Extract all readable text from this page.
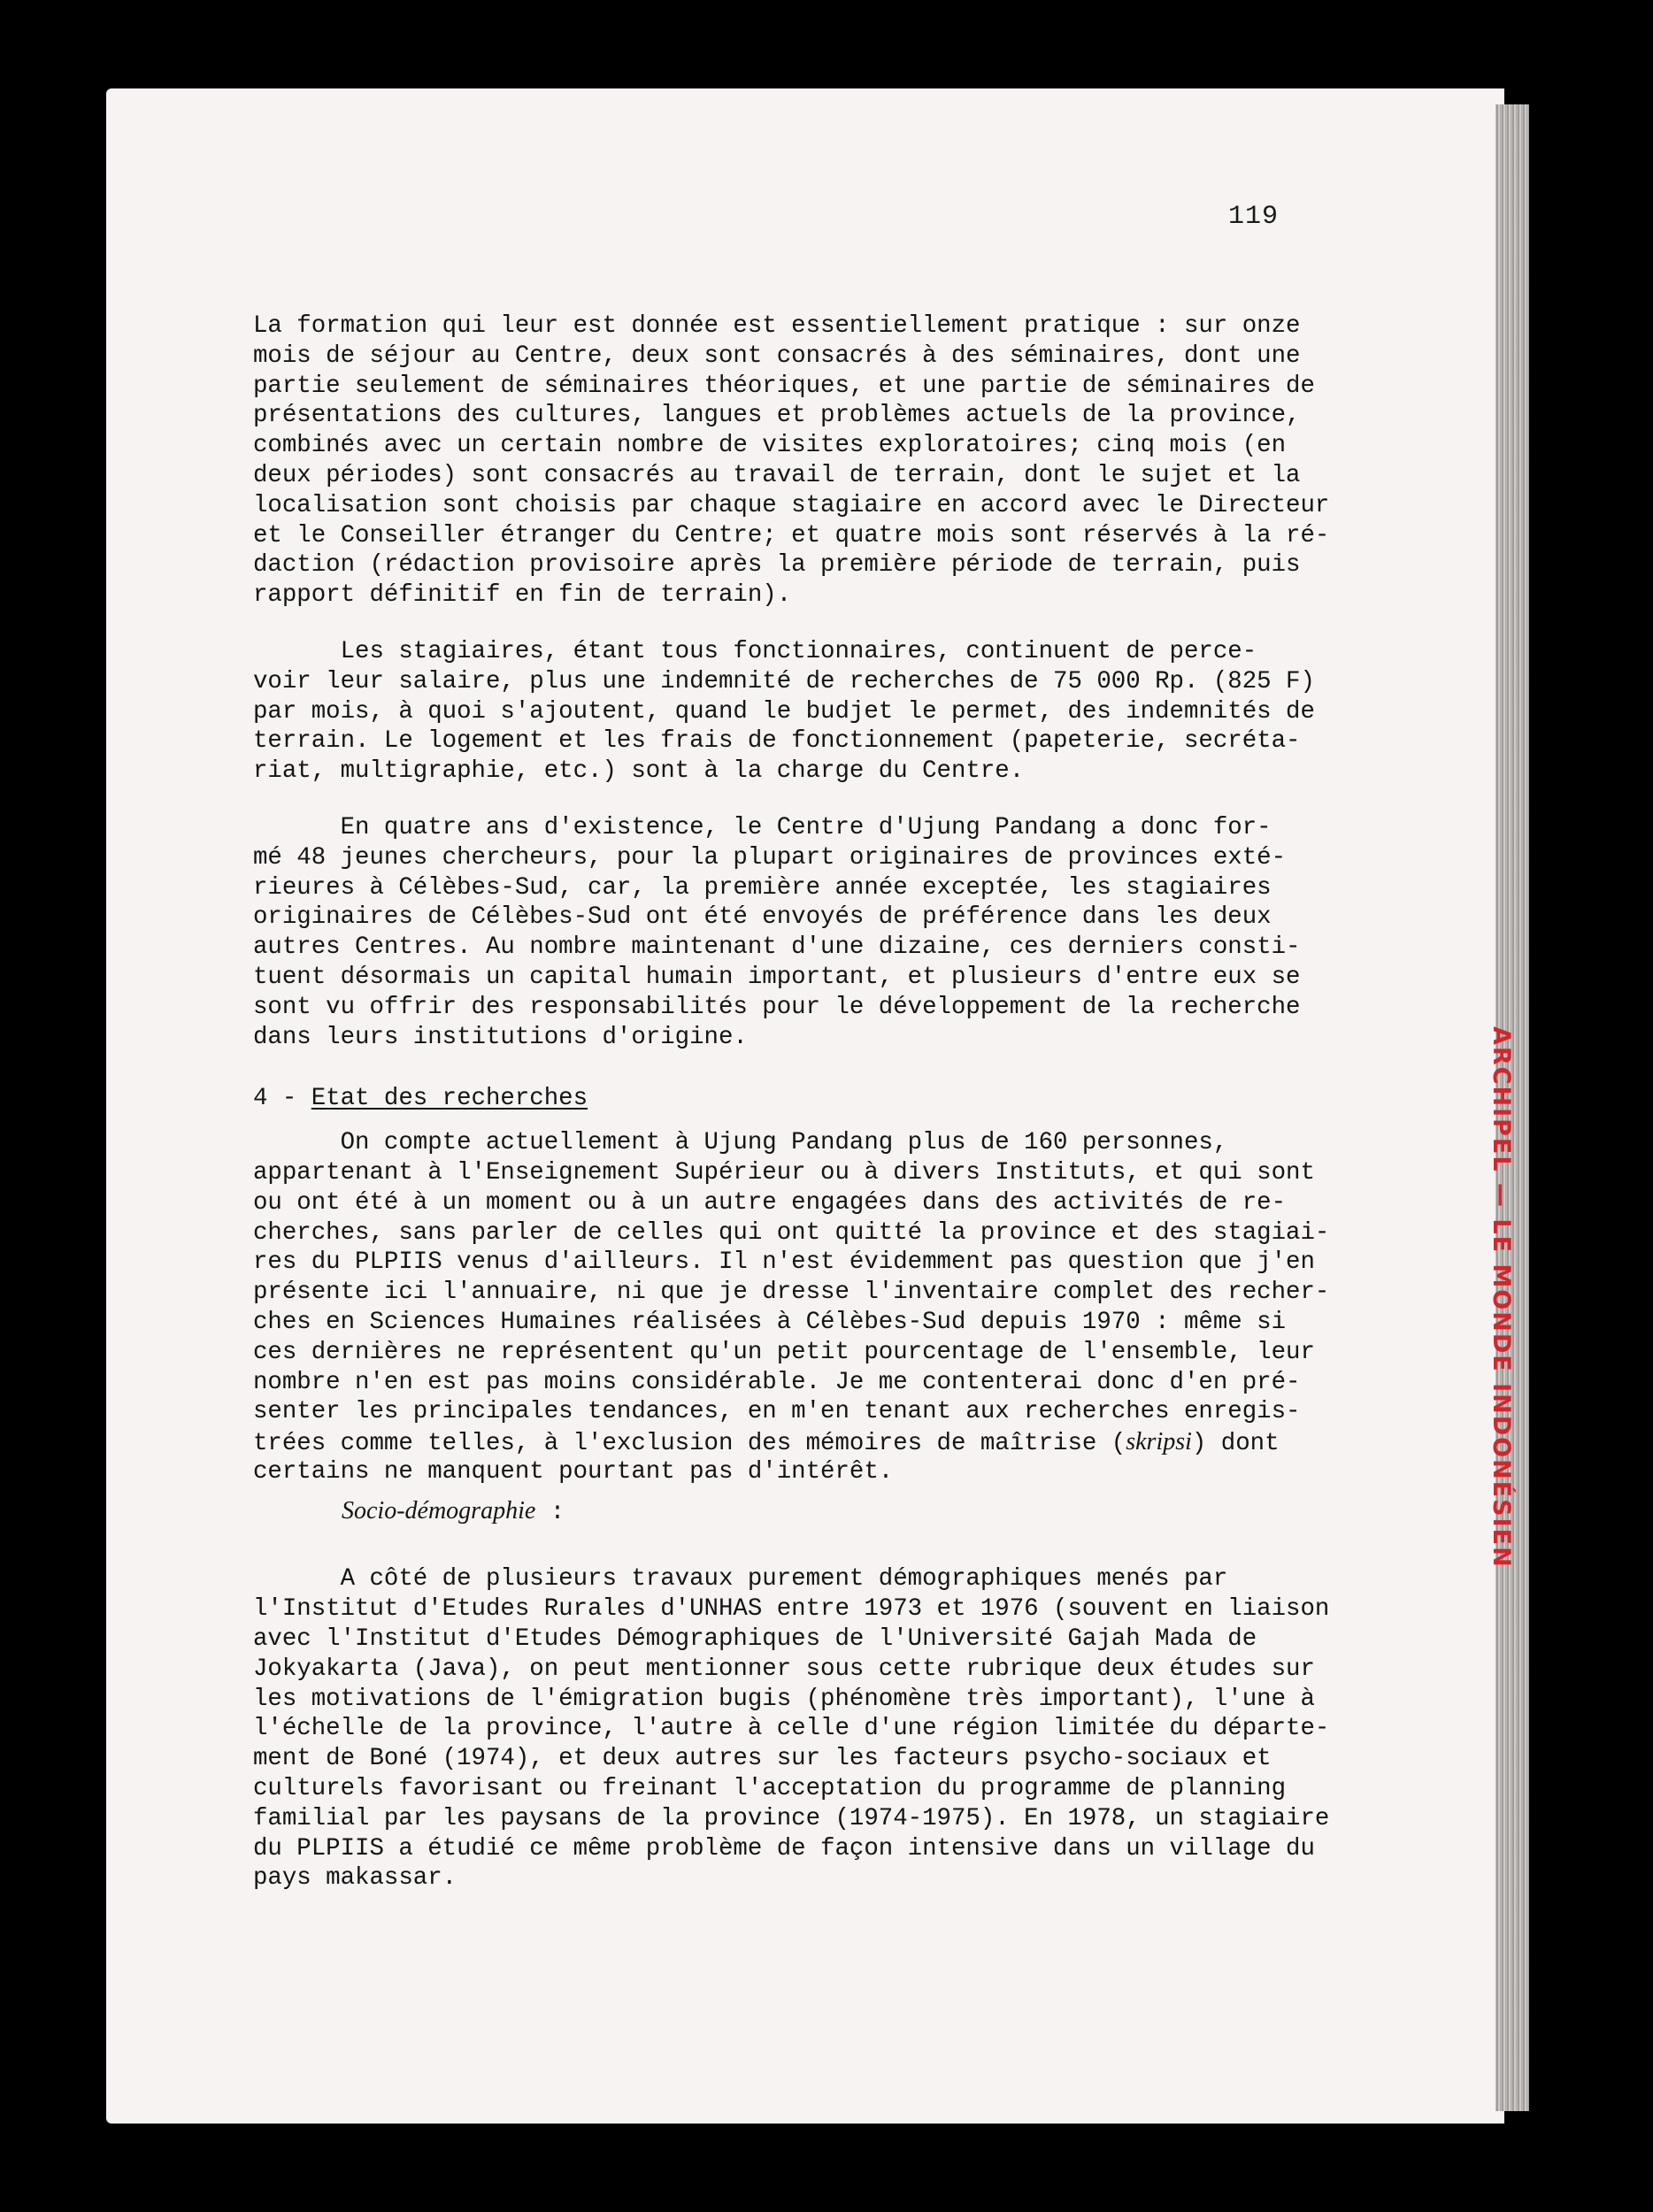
119
ARCHIPEL — LE MONDE INDONÉSIEN
La formation qui leur est donnée est essentiellement pratique : sur onze
mois de séjour au Centre, deux sont consacrés à des séminaires, dont une
partie seulement de séminaires théoriques, et une partie de séminaires de
présentations des cultures, langues et problèmes actuels de la province,
combinés avec un certain nombre de visites exploratoires; cinq mois (en
deux périodes) sont consacrés au travail de terrain, dont le sujet et la
localisation sont choisis par chaque stagiaire en accord avec le Directeur
et le Conseiller étranger du Centre; et quatre mois sont réservés à la ré-
daction (rédaction provisoire après la première période de terrain, puis
rapport définitif en fin de terrain).
Les stagiaires, étant tous fonctionnaires, continuent de perce-
voir leur salaire, plus une indemnité de recherches de 75 000 Rp. (825 F)
par mois, à quoi s'ajoutent, quand le budjet le permet, des indemnités de
terrain. Le logement et les frais de fonctionnement (papeterie, secréta-
riat, multigraphie, etc.) sont à la charge du Centre.
En quatre ans d'existence, le Centre d'Ujung Pandang a donc for-
mé 48 jeunes chercheurs, pour la plupart originaires de provinces exté-
rieures à Célèbes-Sud, car, la première année exceptée, les stagiaires
originaires de Célèbes-Sud ont été envoyés de préférence dans les deux
autres Centres. Au nombre maintenant d'une dizaine, ces derniers consti-
tuent désormais un capital humain important, et plusieurs d'entre eux se
sont vu offrir des responsabilités pour le développement de la recherche
dans leurs institutions d'origine.
4 - Etat des recherches
On compte actuellement à Ujung Pandang plus de 160 personnes,
appartenant à l'Enseignement Supérieur ou à divers Instituts, et qui sont
ou ont été à un moment ou à un autre engagées dans des activités de re-
cherches, sans parler de celles qui ont quitté la province et des stagiai-
res du PLPIIS venus d'ailleurs. Il n'est évidemment pas question que j'en
présente ici l'annuaire, ni que je dresse l'inventaire complet des recher-
ches en Sciences Humaines réalisées à Célèbes-Sud depuis 1970 : même si
ces dernières ne représentent qu'un petit pourcentage de l'ensemble, leur
nombre n'en est pas moins considérable. Je me contenterai donc d'en pré-
senter les principales tendances, en m'en tenant aux recherches enregis-
trées comme telles, à l'exclusion des mémoires de maîtrise (skripsi) dont
certains ne manquent pourtant pas d'intérêt.
Socio-démographie :
A côté de plusieurs travaux purement démographiques menés par
l'Institut d'Etudes Rurales d'UNHAS entre 1973 et 1976 (souvent en liaison
avec l'Institut d'Etudes Démographiques de l'Université Gajah Mada de
Jokyakarta (Java), on peut mentionner sous cette rubrique deux études sur
les motivations de l'émigration bugis (phénomène très important), l'une à
l'échelle de la province, l'autre à celle d'une région limitée du départe-
ment de Boné (1974), et deux autres sur les facteurs psycho-sociaux et
culturels favorisant ou freinant l'acceptation du programme de planning
familial par les paysans de la province (1974-1975). En 1978, un stagiaire
du PLPIIS a étudié ce même problème de façon intensive dans un village du
pays makassar.
